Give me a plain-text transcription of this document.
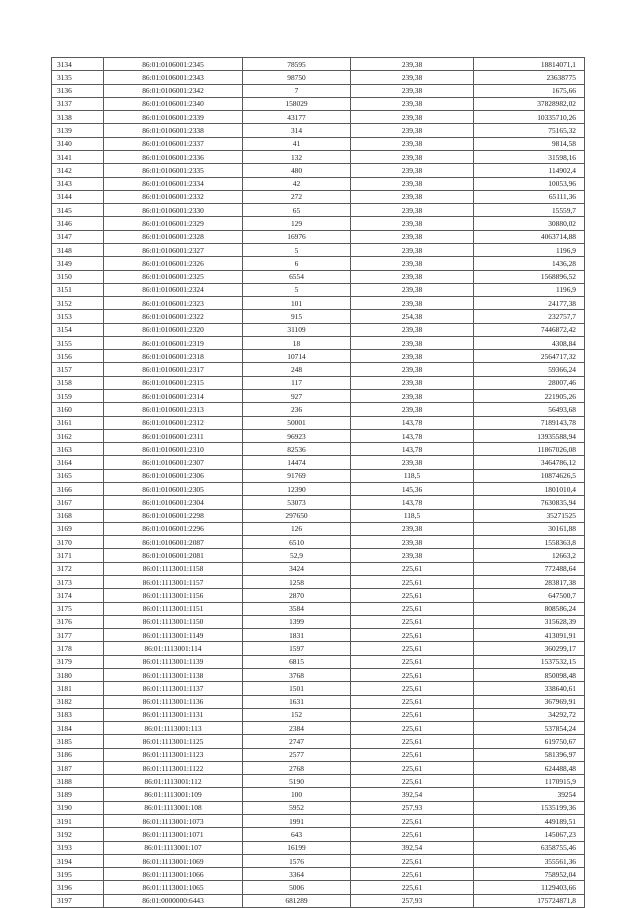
3134	86:01:0106001:2345	78595	239,38	18814071,1
3135	86:01:0106001:2343	98750	239,38	23638775
3136	86:01:0106001:2342	7	239,38	1675,66
3137	86:01:0106001:2340	158029	239,38	37828982,02
3138	86:01:0106001:2339	43177	239,38	10335710,26
3139	86:01:0106001:2338	314	239,38	75165,32
3140	86:01:0106001:2337	41	239,38	9814,58
3141	86:01:0106001:2336	132	239,38	31598,16
3142	86:01:0106001:2335	480	239,38	114902,4
3143	86:01:0106001:2334	42	239,38	10053,96
3144	86:01:0106001:2332	272	239,38	65111,36
3145	86:01:0106001:2330	65	239,38	15559,7
3146	86:01:0106001:2329	129	239,38	30880,02
3147	86:01:0106001:2328	16976	239,38	4063714,88
3148	86:01:0106001:2327	5	239,38	1196,9
3149	86:01:0106001:2326	6	239,38	1436,28
3150	86:01:0106001:2325	6554	239,38	1568896,52
3151	86:01:0106001:2324	5	239,38	1196,9
3152	86:01:0106001:2323	101	239,38	24177,38
3153	86:01:0106001:2322	915	254,38	232757,7
3154	86:01:0106001:2320	31109	239,38	7446872,42
3155	86:01:0106001:2319	18	239,38	4308,84
3156	86:01:0106001:2318	10714	239,38	2564717,32
3157	86:01:0106001:2317	248	239,38	59366,24
3158	86:01:0106001:2315	117	239,38	28007,46
3159	86:01:0106001:2314	927	239,38	221905,26
3160	86:01:0106001:2313	236	239,38	56493,68
3161	86:01:0106001:2312	50001	143,78	7189143,78
3162	86:01:0106001:2311	96923	143,78	13935588,94
3163	86:01:0106001:2310	82536	143,78	11867026,08
3164	86:01:0106001:2307	14474	239,38	3464786,12
3165	86:01:0106001:2306	91769	118,5	10874626,5
3166	86:01:0106001:2305	12390	145,36	1801010,4
3167	86:01:0106001:2304	53073	143,78	7630835,94
3168	86:01:0106001:2298	297650	118,5	35271525
3169	86:01:0106001:2296	126	239,38	30161,88
3170	86:01:0106001:2087	6510	239,38	1558363,8
3171	86:01:0106001:2081	52,9	239,38	12663,2
3172	86:01:1113001:1158	3424	225,61	772488,64
3173	86:01:1113001:1157	1258	225,61	283817,38
3174	86:01:1113001:1156	2870	225,61	647500,7
3175	86:01:1113001:1151	3584	225,61	808586,24
3176	86:01:1113001:1150	1399	225,61	315628,39
3177	86:01:1113001:1149	1831	225,61	413091,91
3178	86:01:1113001:114	1597	225,61	360299,17
3179	86:01:1113001:1139	6815	225,61	1537532,15
3180	86:01:1113001:1138	3768	225,61	850098,48
3181	86:01:1113001:1137	1501	225,61	338640,61
3182	86:01:1113001:1136	1631	225,61	367969,91
3183	86:01:1113001:1131	152	225,61	34292,72
3184	86:01:1113001:113	2384	225,61	537854,24
3185	86:01:1113001:1125	2747	225,61	619750,67
3186	86:01:1113001:1123	2577	225,61	581396,97
3187	86:01:1113001:1122	2768	225,61	624488,48
3188	86:01:1113001:112	5190	225,61	1170915,9
3189	86:01:1113001:109	100	392,54	39254
3190	86:01:1113001:108	5952	257,93	1535199,36
3191	86:01:1113001:1073	1991	225,61	449189,51
3192	86:01:1113001:1071	643	225,61	145067,23
3193	86:01:1113001:107	16199	392,54	6358755,46
3194	86:01:1113001:1069	1576	225,61	355561,36
3195	86:01:1113001:1066	3364	225,61	758952,04
3196	86:01:1113001:1065	5006	225,61	1129403,66
3197	86:01:0000000:6443	681289	257,93	175724871,8
